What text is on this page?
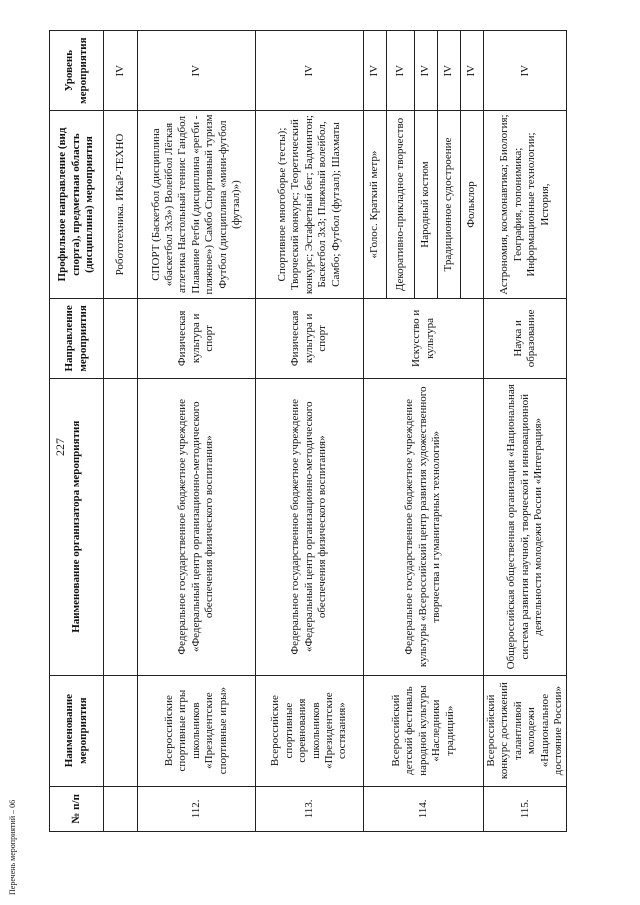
227
Перечень мероприятий – 06	№ п/п	Наименование мероприятия	Наименование организатора мероприятия	Направление мероприятия	Профильное направление (вид спорта), предметная область (дисциплина) мероприятия	Уровень мероприятия
				Робототехника. ИКаР-ТЕХНО	IV
112.	Всероссийские спортивные игры школьников «Президентские спортивные игры»	Федеральное государственное бюджетное учреждение «Федеральный центр организационно-методического обеспечения физического воспитания»	Физическая культура и спорт	СПОРТ (Баскетбол (дисциплина «баскетбол 3х3») Волейбол Лёгкая атлетика Настольный теннис Гандбол Плавание Регби (дисциплина «регби - пляжное») Самбо Спортивный туризм Футбол (дисциплина «мини-футбол (футзал)»)	IV
113.	Всероссийские спортивные соревнования школьников «Президентские состязания»	Федеральное государственное бюджетное учреждение «Федеральный центр организационно-методического обеспечения физического воспитания»	Физическая культура и спорт	Спортивное многоборье (тесты); Творческий конкурс; Теоретический конкурс; Эстафетный бег; Бадминтон; Баскетбол 3х3; Пляжный волейбол, Самбо; Футбол (футзал); Шахматы	IV
114.	Всероссийский детский фестиваль народной культуры «Наследники традиций»	Федеральное государственное бюджетное учреждение культуры «Всероссийский центр развития художественного творчества и гуманитарных технологий»	Искусство и культура	«Голос. Краткий метр»	IV
				Декоративно-прикладное творчество	IV
				Народный костюм	IV
				Традиционное судостроение	IV
				Фольклор	IV
115.	Всероссийский конкурс достижений талантливой молодежи «Национальное достояние России»	Общероссийская общественная организация «Национальная система развития научной, творческой и инновационной деятельности молодежи России «Интеграция»	Наука и образование	Астрономия, космонавтика; Биология; География, топонимика; Информационные технологии; История,	IV
